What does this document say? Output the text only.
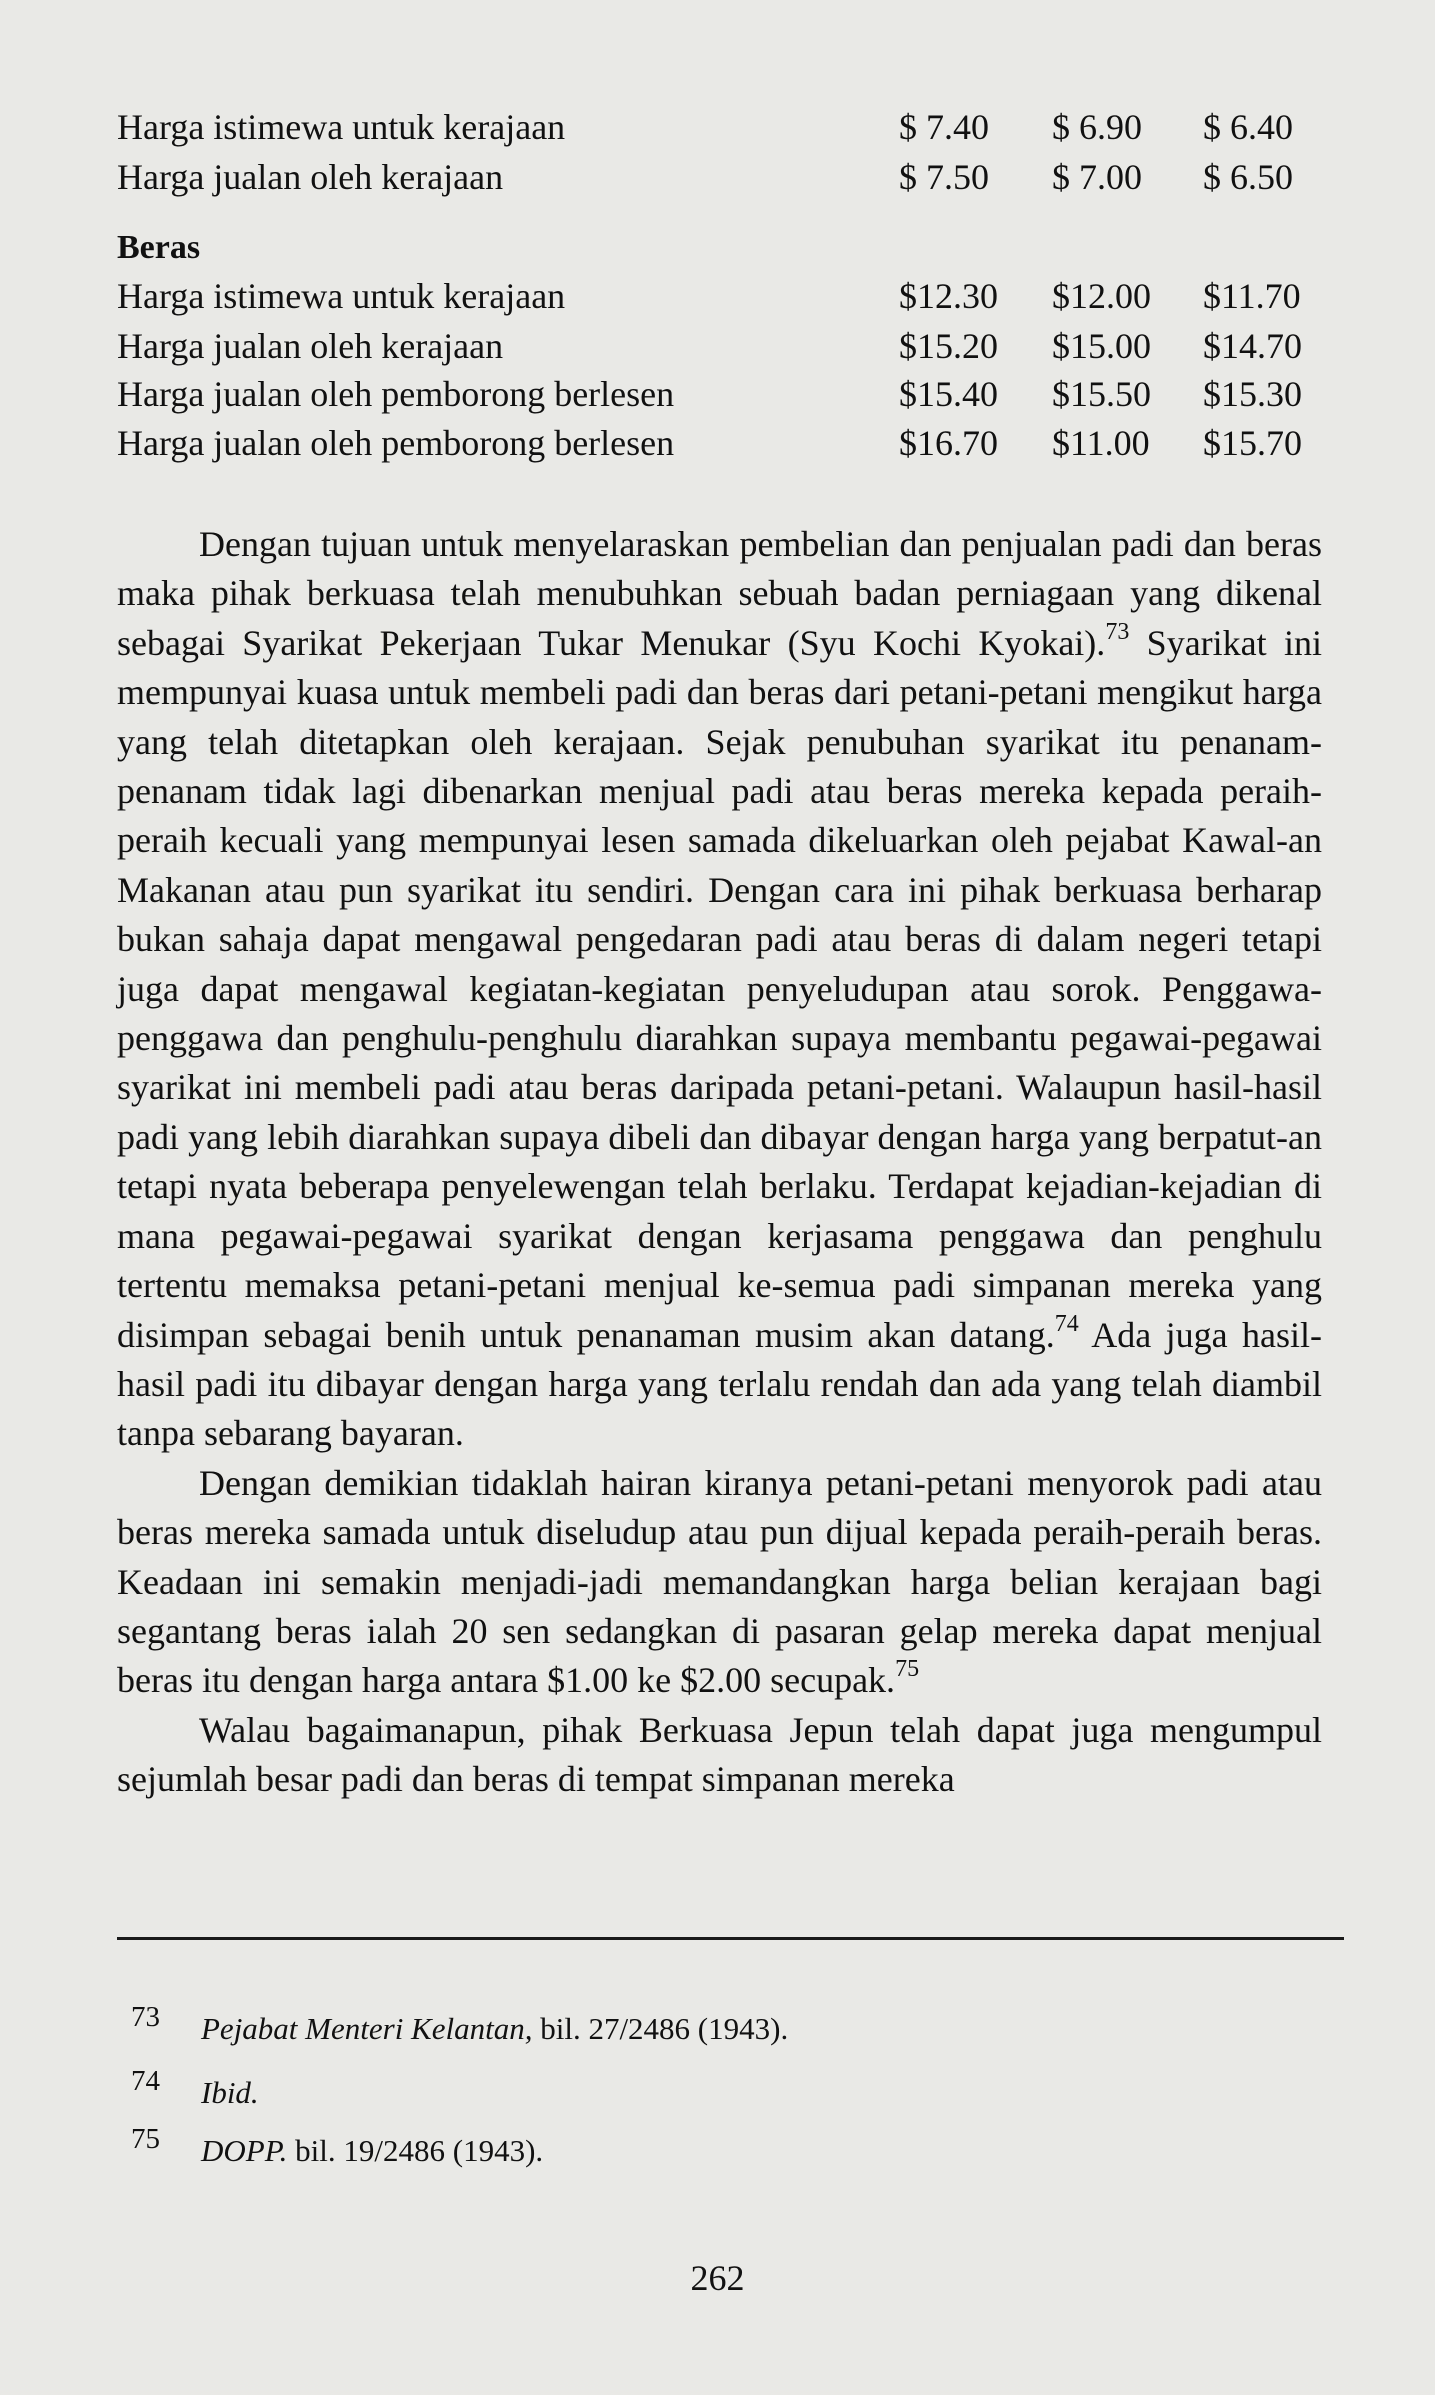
Harga istimewa untuk kerajaan	$ 7.40 $ 6.90 $ 6.40
Harga jualan oleh kerajaan	$ 7.50 $ 7.00 $ 6.50
Beras
Harga istimewa untuk kerajaan	$12.30 $12.00 $11.70
Harga jualan oleh kerajaan	$15.20 $15.00 $14.70
Harga jualan oleh pemborong berlesen	$15.40 $15.50 $15.30
Harga jualan oleh pemborong berlesen	$16.70 $11.00 $15.70

Dengan tujuan untuk menyelaraskan pembelian dan penjualan padi dan beras maka pihak berkuasa telah menubuhkan sebuah badan perniagaan yang dikenal sebagai Syarikat Pekerjaan Tukar Menukar (Syu Kochi Kyokai).$^{73}$ Syarikat ini mempunyai kuasa untuk membeli padi dan beras dari petani-petani mengikut harga yang telah ditetapkan oleh kerajaan. Sejak penubuhan syarikat itu penanam-penanam tidak lagi dibenarkan menjual padi atau beras mereka kepada peraih-peraih kecuali yang mempunyai lesen samada dikeluarkan oleh pejabat Kawal-an Makanan atau pun syarikat itu sendiri. Dengan cara ini pihak berkuasa berharap bukan sahaja dapat mengawal pengedaran padi atau beras di dalam negeri tetapi juga dapat mengawal kegiatan-kegiatan penyeludupan atau sorok. Penggawa-penggawa dan penghulu-penghulu diarahkan supaya membantu pegawai-pegawai syarikat ini membeli padi atau beras daripada petani-petani. Walaupun hasil-hasil padi yang lebih diarahkan supaya dibeli dan dibayar dengan harga yang berpatut-an tetapi nyata beberapa penyelewengan telah berlaku. Terdapat kejadian-kejadian di mana pegawai-pegawai syarikat dengan kerjasama penggawa dan penghulu tertentu memaksa petani-petani menjual ke-semua padi simpanan mereka yang disimpan sebagai benih untuk penanaman musim akan datang.$^{74}$ Ada juga hasil-hasil padi itu dibayar dengan harga yang terlalu rendah dan ada yang telah diambil tanpa sebarang bayaran.

Dengan demikian tidaklah hairan kiranya petani-petani menyorok padi atau beras mereka samada untuk diseludup atau pun dijual kepada peraih-peraih beras. Keadaan ini semakin menjadi-jadi memandangkan harga belian kerajaan bagi segantang beras ialah 20 sen sedangkan di pasaran gelap mereka dapat menjual beras itu dengan harga antara $1.00 ke $2.00 secupak.$^{75}$

Walau bagaimanapun, pihak Berkuasa Jepun telah dapat juga mengumpul sejumlah besar padi dan beras di tempat simpanan mereka

73 Pejabat Menteri Kelantan, bil. 27/2486 (1943).
74 Ibid.
75 DOPP. bil. 19/2486 (1943).
262
